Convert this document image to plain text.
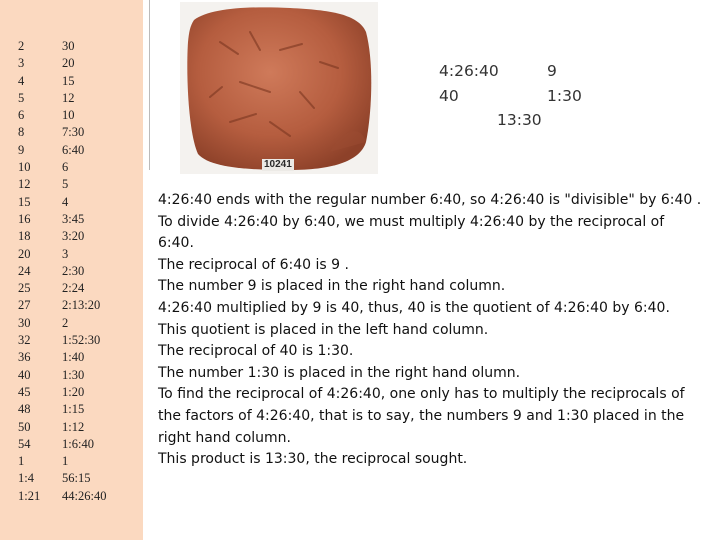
2
3
4
5
6
8
9
10
12
15
16
18
20
24
25
27
30
32
36
40
45
48
50
54
1
1:4
1:21
30
20
15
12
10
7:30
6:40
6
5
4
3:45
3:20
3
2:30
2:24
2:13:20
2
1:52:30
1:40
1:30
1:20
1:15
1:12
1:6:40
1
56:15
44:26:40
10241
4:26:40	9
40	1:30
13:30

4:26:40 ends with the regular number 6:40, so 4:26:40 is "divisible" by 6:40 .

To divide 4:26:40 by 6:40, we must multiply 4:26:40 by the reciprocal of 6:40.

The reciprocal of 6:40 is 9 .

The number 9 is placed in the right hand column.

4:26:40 multiplied by 9 is 40, thus, 40 is the quotient of 4:26:40 by 6:40.

This quotient is placed in the left hand column.

The reciprocal of 40 is 1:30.

The number 1:30 is placed in the right hand olumn.

To find the reciprocal of 4:26:40, one only has to multiply the reciprocals of the factors of 4:26:40, that is to say, the numbers 9 and 1:30 placed in the right hand column.

This product is 13:30, the reciprocal sought.
